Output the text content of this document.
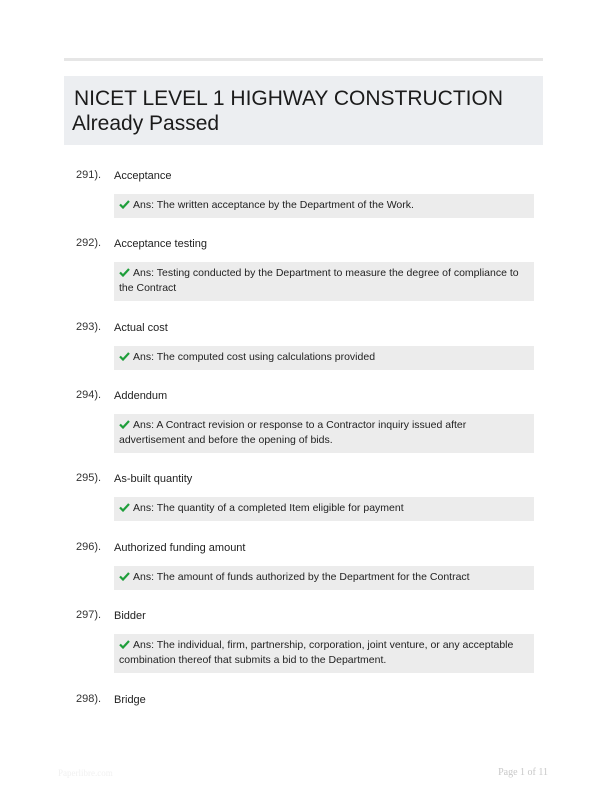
NICET LEVEL 1 HIGHWAY CONSTRUCTION
Already Passed
291). Acceptance
Ans: The written acceptance by the Department of the Work.
292). Acceptance testing
Ans: Testing conducted by the Department to measure the degree of compliance to the Contract
293). Actual cost
Ans: The computed cost using calculations provided
294). Addendum
Ans: A Contract revision or response to a Contractor inquiry issued after advertisement and before the opening of bids.
295). As-built quantity
Ans: The quantity of a completed Item eligible for payment
296). Authorized funding amount
Ans: The amount of funds authorized by the Department for the Contract
297). Bidder
Ans: The individual, firm, partnership, corporation, joint venture, or any acceptable combination thereof that submits a bid to the Department.
298). Bridge
Paperlibre.com	Page 1 of 11
